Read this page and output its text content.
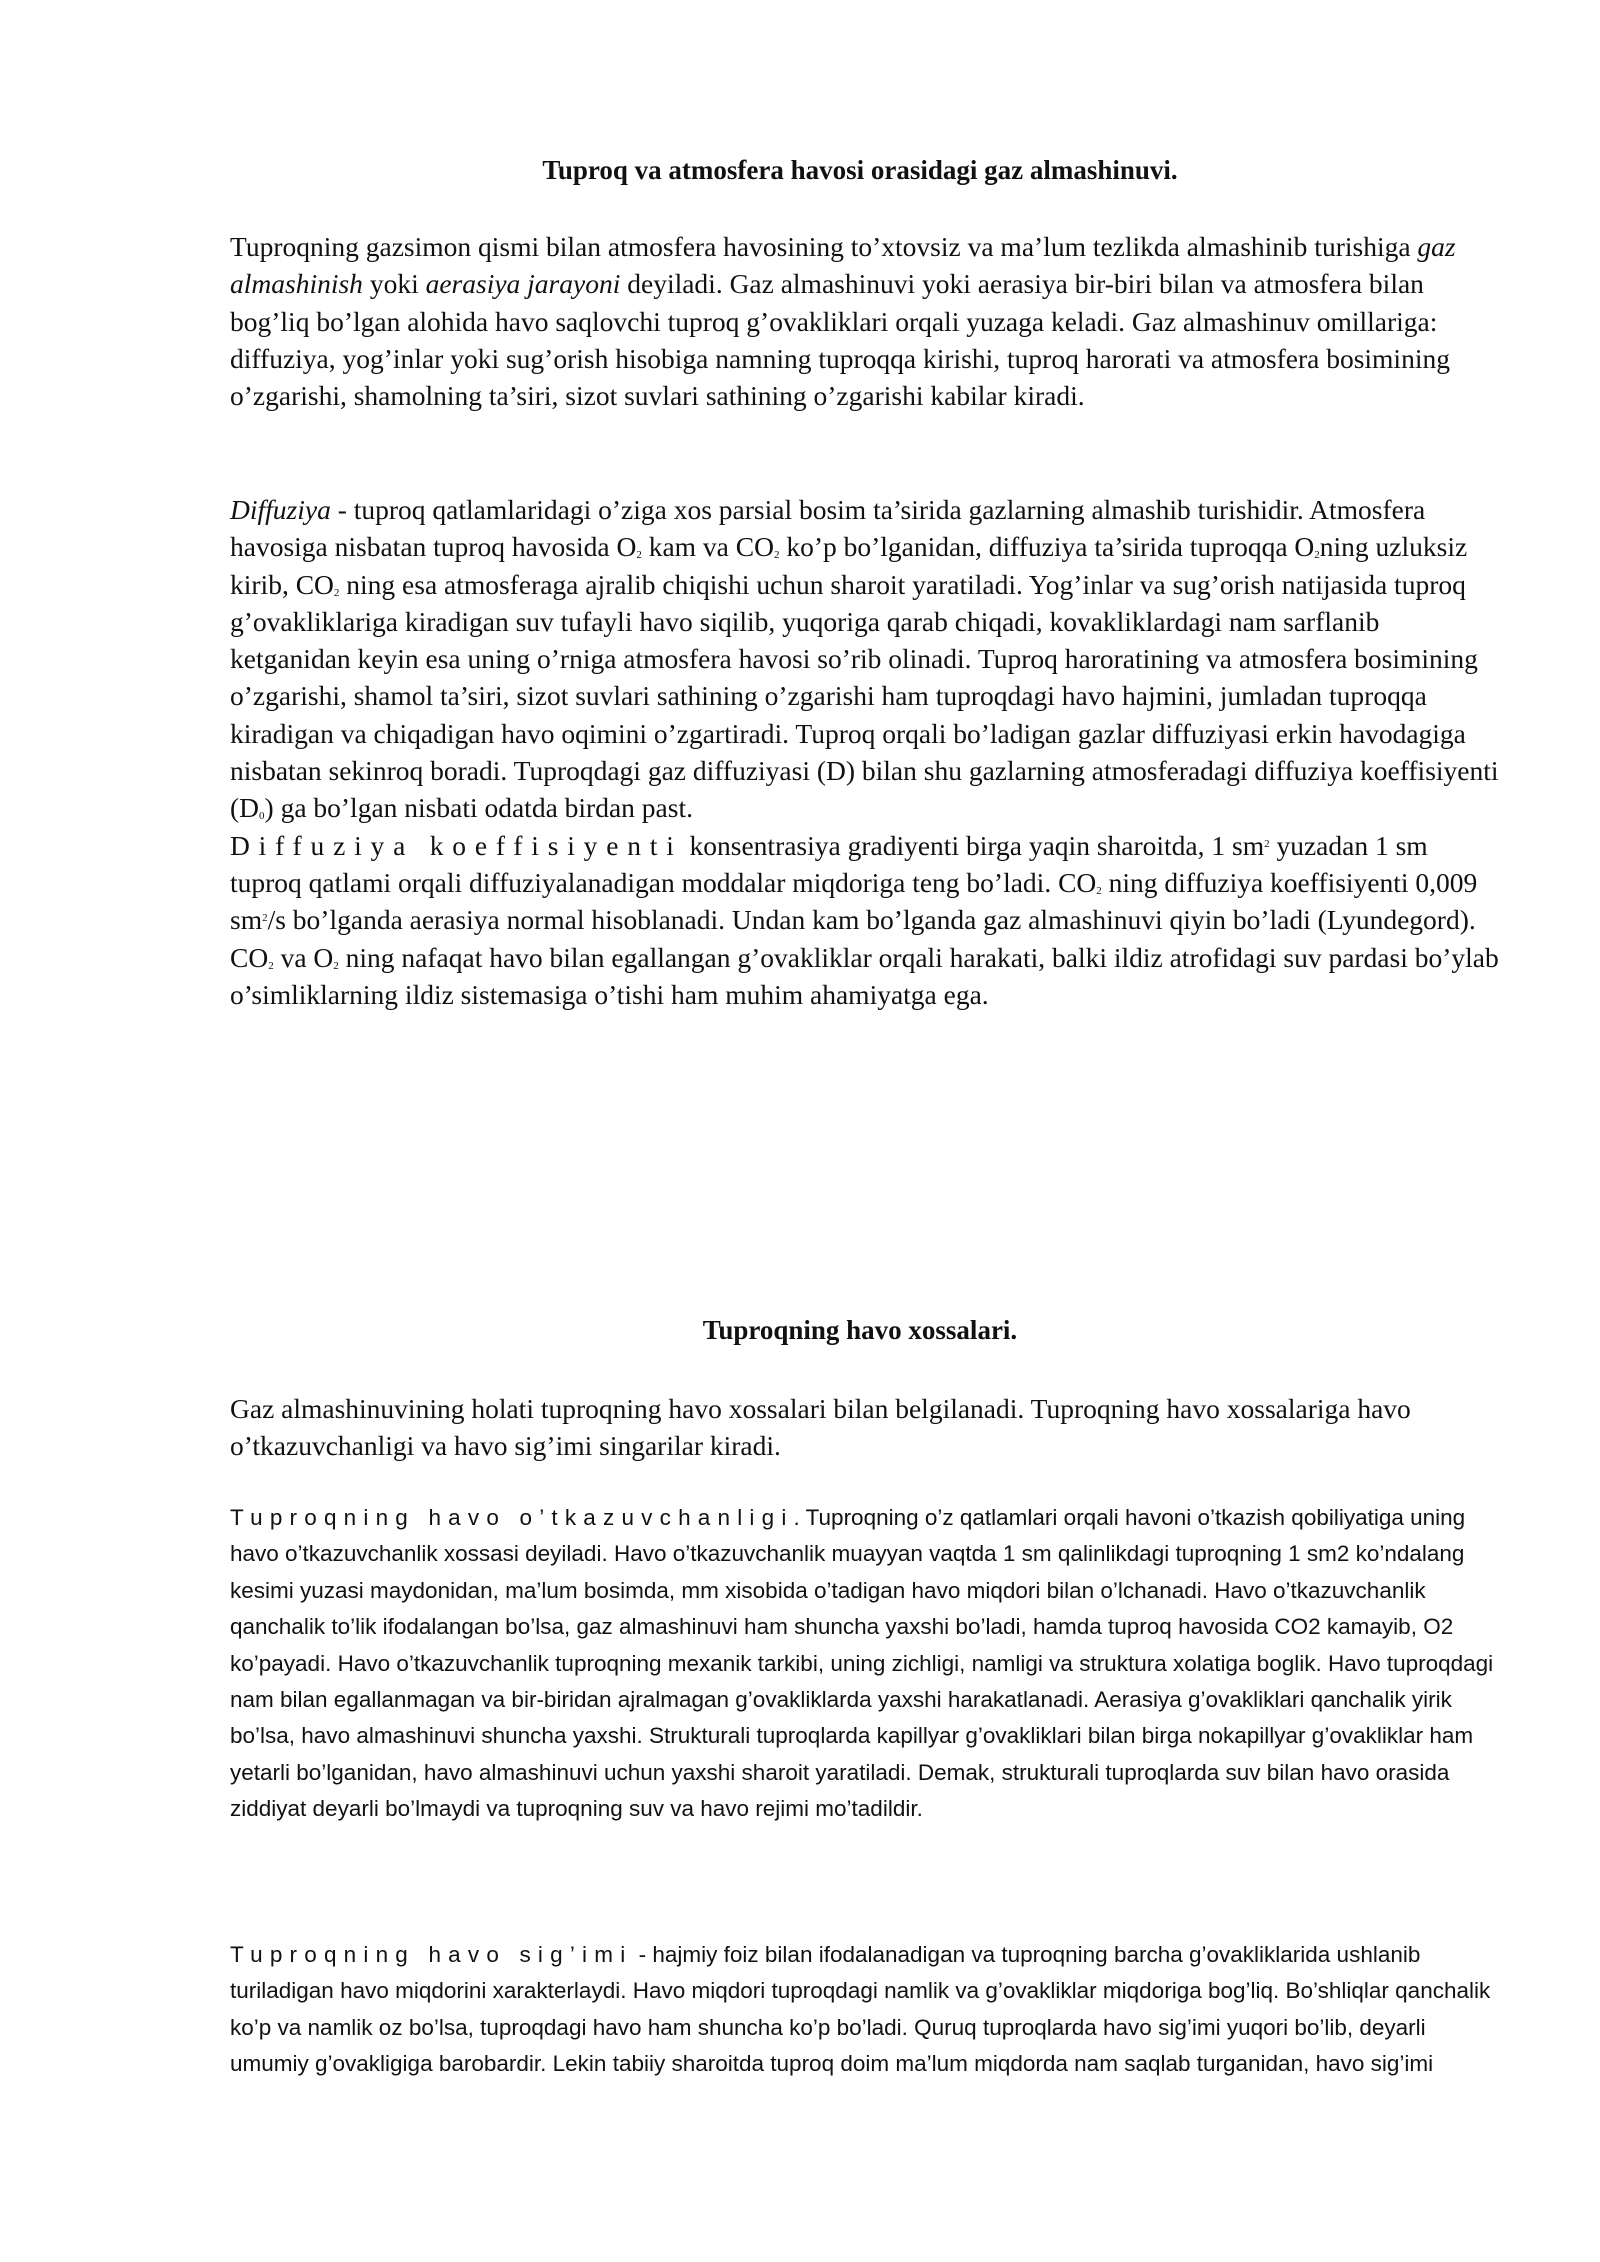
Tuproq va atmosfera havosi orasidagi gaz almashinuvi.
Tuproqning gazsimon qismi bilan atmosfera havosining to’xtovsiz va ma’lum tezlikda almashinib turishiga gaz almashinish yoki aerasiya jarayoni deyiladi. Gaz almashinuvi yoki aerasiya bir-biri bilan va atmosfera bilan bog’liq bo’lgan alohida havo saqlovchi tuproq g’ovakliklari orqali yuzaga keladi. Gaz almashinuv omillariga: diffuziya, yog’inlar yoki sug’orish hisobiga namning tuproqqa kirishi, tuproq harorati va atmosfera bosimining o’zgarishi, shamolning ta’siri, sizot suvlari sathining o’zgarishi kabilar kiradi.
Diffuziya - tuproq qatlamlaridagi o’ziga xos parsial bosim ta’sirida gazlarning almashib turishidir. Atmosfera havosiga nisbatan tuproq havosida $O_2$ kam va $CO_2$ ko’p bo’lganidan, diffuziya ta’sirida tuproqqa $O_2ning$ uzluksiz kirib, $CO_2$ ning esa atmosferaga ajralib chiqishi uchun sharoit yaratiladi. Yog’inlar va sug’orish natijasida tuproq g’ovakliklariga kiradigan suv tufayli havo siqilib, yuqoriga qarab chiqadi, kovakliklardagi nam sarflanib ketganidan keyin esa uning o’rniga atmosfera havosi so’rib olinadi. Tuproq haroratining va atmosfera bosimining o’zgarishi, shamol ta’siri, sizot suvlari sathining o’zgarishi ham tuproqdagi havo hajmini, jumladan tuproqqa kiradigan va chiqadigan havo oqimini o’zgartiradi. Tuproq orqali bo’ladigan gazlar diffuziyasi erkin havodagiga nisbatan sekinroq boradi. Tuproqdagi gaz diffuziyasi (D) bilan shu gazlarning atmosferadagi diffuziya koeffisiyenti $(D_0)$ ga bo’lgan nisbati odatda birdan past.
Diffuziya koeffisiyenti konsentrasiya gradiyenti birga yaqin sharoitda, 1 $sm^2$ yuzadan 1 sm tuproq qatlami orqali diffuziyalanadigan moddalar miqdoriga teng bo’ladi. $CO_2$ ning diffuziya koeffisiyenti 0,009 $sm^2/s$ bo’lganda aerasiya normal hisoblanadi. Undan kam bo’lganda gaz almashinuvi qiyin bo’ladi (Lyundegord). $CO_2$ va $O_2$ ning nafaqat havo bilan egallangan g’ovakliklar orqali harakati, balki ildiz atrofidagi suv pardasi bo’ylab o’simliklarning ildiz sistemasiga o’tishi ham muhim ahamiyatga ega.
Tuproqning havo xossalari.
Gaz almashinuvining holati tuproqning havo xossalari bilan belgilanadi. Tuproqning havo xossalariga havo o’tkazuvchanligi va havo sig’imi singarilar kiradi.
Tuproqning havo o’tkazuvchanligi. Tuproqning o’z qatlamlari orqali havoni o’tkazish qobiliyatiga uning havo o’tkazuvchanlik xossasi deyiladi. Havo o’tkazuvchanlik muayyan vaqtda 1 sm qalinlikdagi tuproqning 1 sm2 ko’ndalang kesimi yuzasi maydonidan, ma’lum bosimda, mm xisobida o’tadigan havo miqdori bilan o’lchanadi. Havo o’tkazuvchanlik qanchalik to’lik ifodalangan bo’lsa, gaz almashinuvi ham shuncha yaxshi bo’ladi, hamda tuproq havosida CO2 kamayib, O2 ko’payadi. Havo o’tkazuvchanlik tuproqning mexanik tarkibi, uning zichligi, namligi va struktura xolatiga boglik. Havo tuproqdagi nam bilan egallanmagan va bir-biridan ajralmagan g’ovakliklarda yaxshi harakatlanadi. Aerasiya g’ovakliklari qanchalik yirik bo’lsa, havo almashinuvi shuncha yaxshi. Strukturali tuproqlarda kapillyar g’ovakliklari bilan birga nokapillyar g’ovakliklar ham yetarli bo’lganidan, havo almashinuvi uchun yaxshi sharoit yaratiladi. Demak, strukturali tuproqlarda suv bilan havo orasida ziddiyat deyarli bo’lmaydi va tuproqning suv va havo rejimi mo’tadildir.
Tuproqning havo sig’imi - hajmiy foiz bilan ifodalanadigan va tuproqning barcha g’ovakliklarida ushlanib turiladigan havo miqdorini xarakterlaydi. Havo miqdori tuproqdagi namlik va g’ovakliklar miqdoriga bog’liq. Bo’shliqlar qanchalik ko’p va namlik oz bo’lsa, tuproqdagi havo ham shuncha ko’p bo’ladi. Quruq tuproqlarda havo sig’imi yuqori bo’lib, deyarli umumiy g’ovakligiga barobardir. Lekin tabiiy sharoitda tuproq doim ma’lum miqdorda nam saqlab turganidan, havo sig’imi
